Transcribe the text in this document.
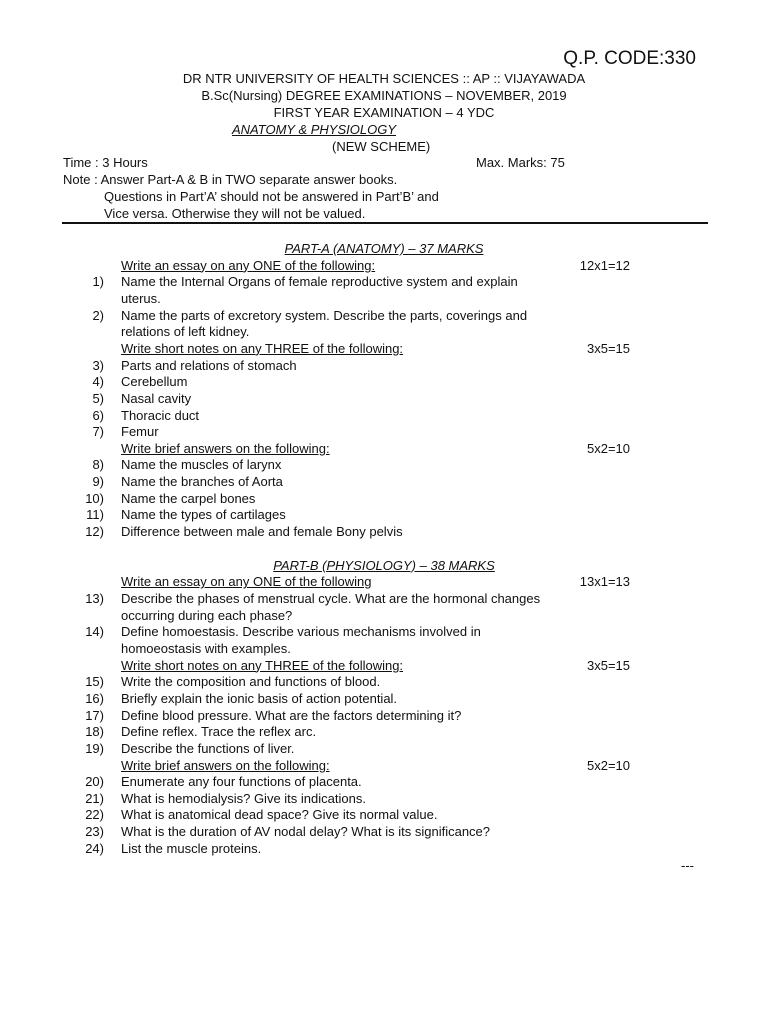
Q.P. CODE:330
DR NTR UNIVERSITY OF HEALTH SCIENCES :: AP :: VIJAYAWADA
B.Sc(Nursing) DEGREE EXAMINATIONS – NOVEMBER, 2019
FIRST YEAR EXAMINATION – 4 YDC
ANATOMY & PHYSIOLOGY
(NEW SCHEME)
Time : 3 Hours	Max. Marks: 75
Note : Answer Part-A & B in TWO separate answer books.
Questions in Part’A’ should not be answered in Part’B’ and
Vice versa. Otherwise they will not be valued.
PART-A (ANATOMY) – 37 MARKS
Write an essay on any ONE of the following:	12x1=12
1) Name the Internal Organs of female reproductive system and explain
uterus.
2) Name the parts of excretory system. Describe the parts, coverings and
relations of left kidney.
Write short notes on any THREE of the following:	3x5=15
3) Parts and relations of stomach
4) Cerebellum
5) Nasal cavity
6) Thoracic duct
7) Femur
Write brief answers on the following:	5x2=10
8) Name the muscles of larynx
9) Name the branches of Aorta
10) Name the carpel bones
11) Name the types of cartilages
12) Difference between male and female Bony pelvis
PART-B (PHYSIOLOGY) – 38 MARKS
Write an essay on any ONE of the following	13x1=13
13) Describe the phases of menstrual cycle. What are the hormonal changes
occurring during each phase?
14) Define homoestasis. Describe various mechanisms involved in
homoeostasis with examples.
Write short notes on any THREE of the following:	3x5=15
15) Write the composition and functions of blood.
16) Briefly explain the ionic basis of action potential.
17) Define blood pressure. What are the factors determining it?
18) Define reflex. Trace the reflex arc.
19) Describe the functions of liver.
Write brief answers on the following:	5x2=10
20) Enumerate any four functions of placenta.
21) What is hemodialysis? Give its indications.
22) What is anatomical dead space? Give its normal value.
23) What is the duration of AV nodal delay? What is its significance?
24) List the muscle proteins.
---
